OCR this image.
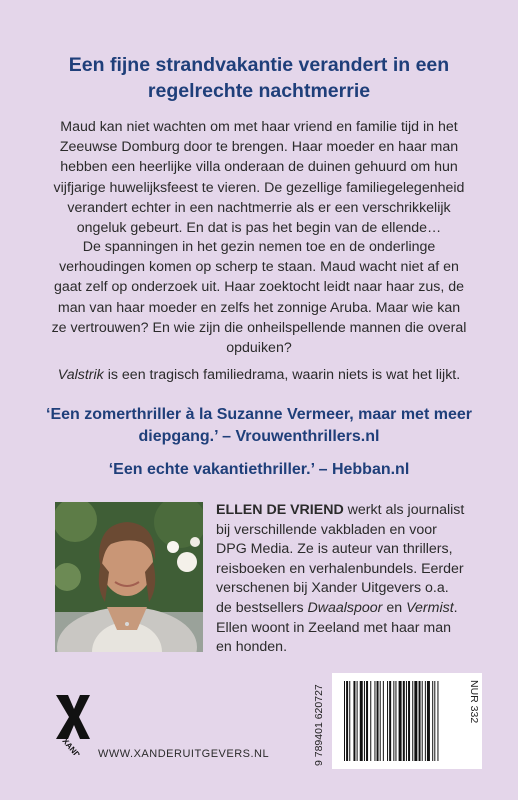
Een fijne strandvakantie verandert in een regelrechte nachtmerrie
Maud kan niet wachten om met haar vriend en familie tijd in het Zeeuwse Domburg door te brengen. Haar moeder en haar man hebben een heerlijke villa onderaan de duinen gehuurd om hun vijfjarige huwelijksfeest te vieren. De gezellige familiegelegenheid verandert echter in een nachtmerrie als er een verschrikkelijk ongeluk gebeurt. En dat is pas het begin van de ellende…
De spanningen in het gezin nemen toe en de onderlinge verhoudingen komen op scherp te staan. Maud wacht niet af en gaat zelf op onderzoek uit. Haar zoektocht leidt naar haar zus, de man van haar moeder en zelfs het zonnige Aruba. Maar wie kan ze vertrouwen? En wie zijn die onheilspellende mannen die overal opduiken?
Valstrik is een tragisch familiedrama, waarin niets is wat het lijkt.
‘Een zomerthriller à la Suzanne Vermeer, maar met meer diepgang.’ – Vrouwenthrillers.nl
‘Een echte vakantiethriller.’ – Hebban.nl
ELLEN DE VRIEND werkt als journalist bij verschillende vakbladen en voor DPG Media. Ze is auteur van thrillers, reisboeken en verhalenbundels. Eerder verschenen bij Xander Uitgevers o.a. de bestsellers Dwaalspoor en Vermist. Ellen woont in Zeeland met haar man en honden.
9 789401 620727	NUR 332
XANDER WWW.XANDERUITGEVERS.NL
